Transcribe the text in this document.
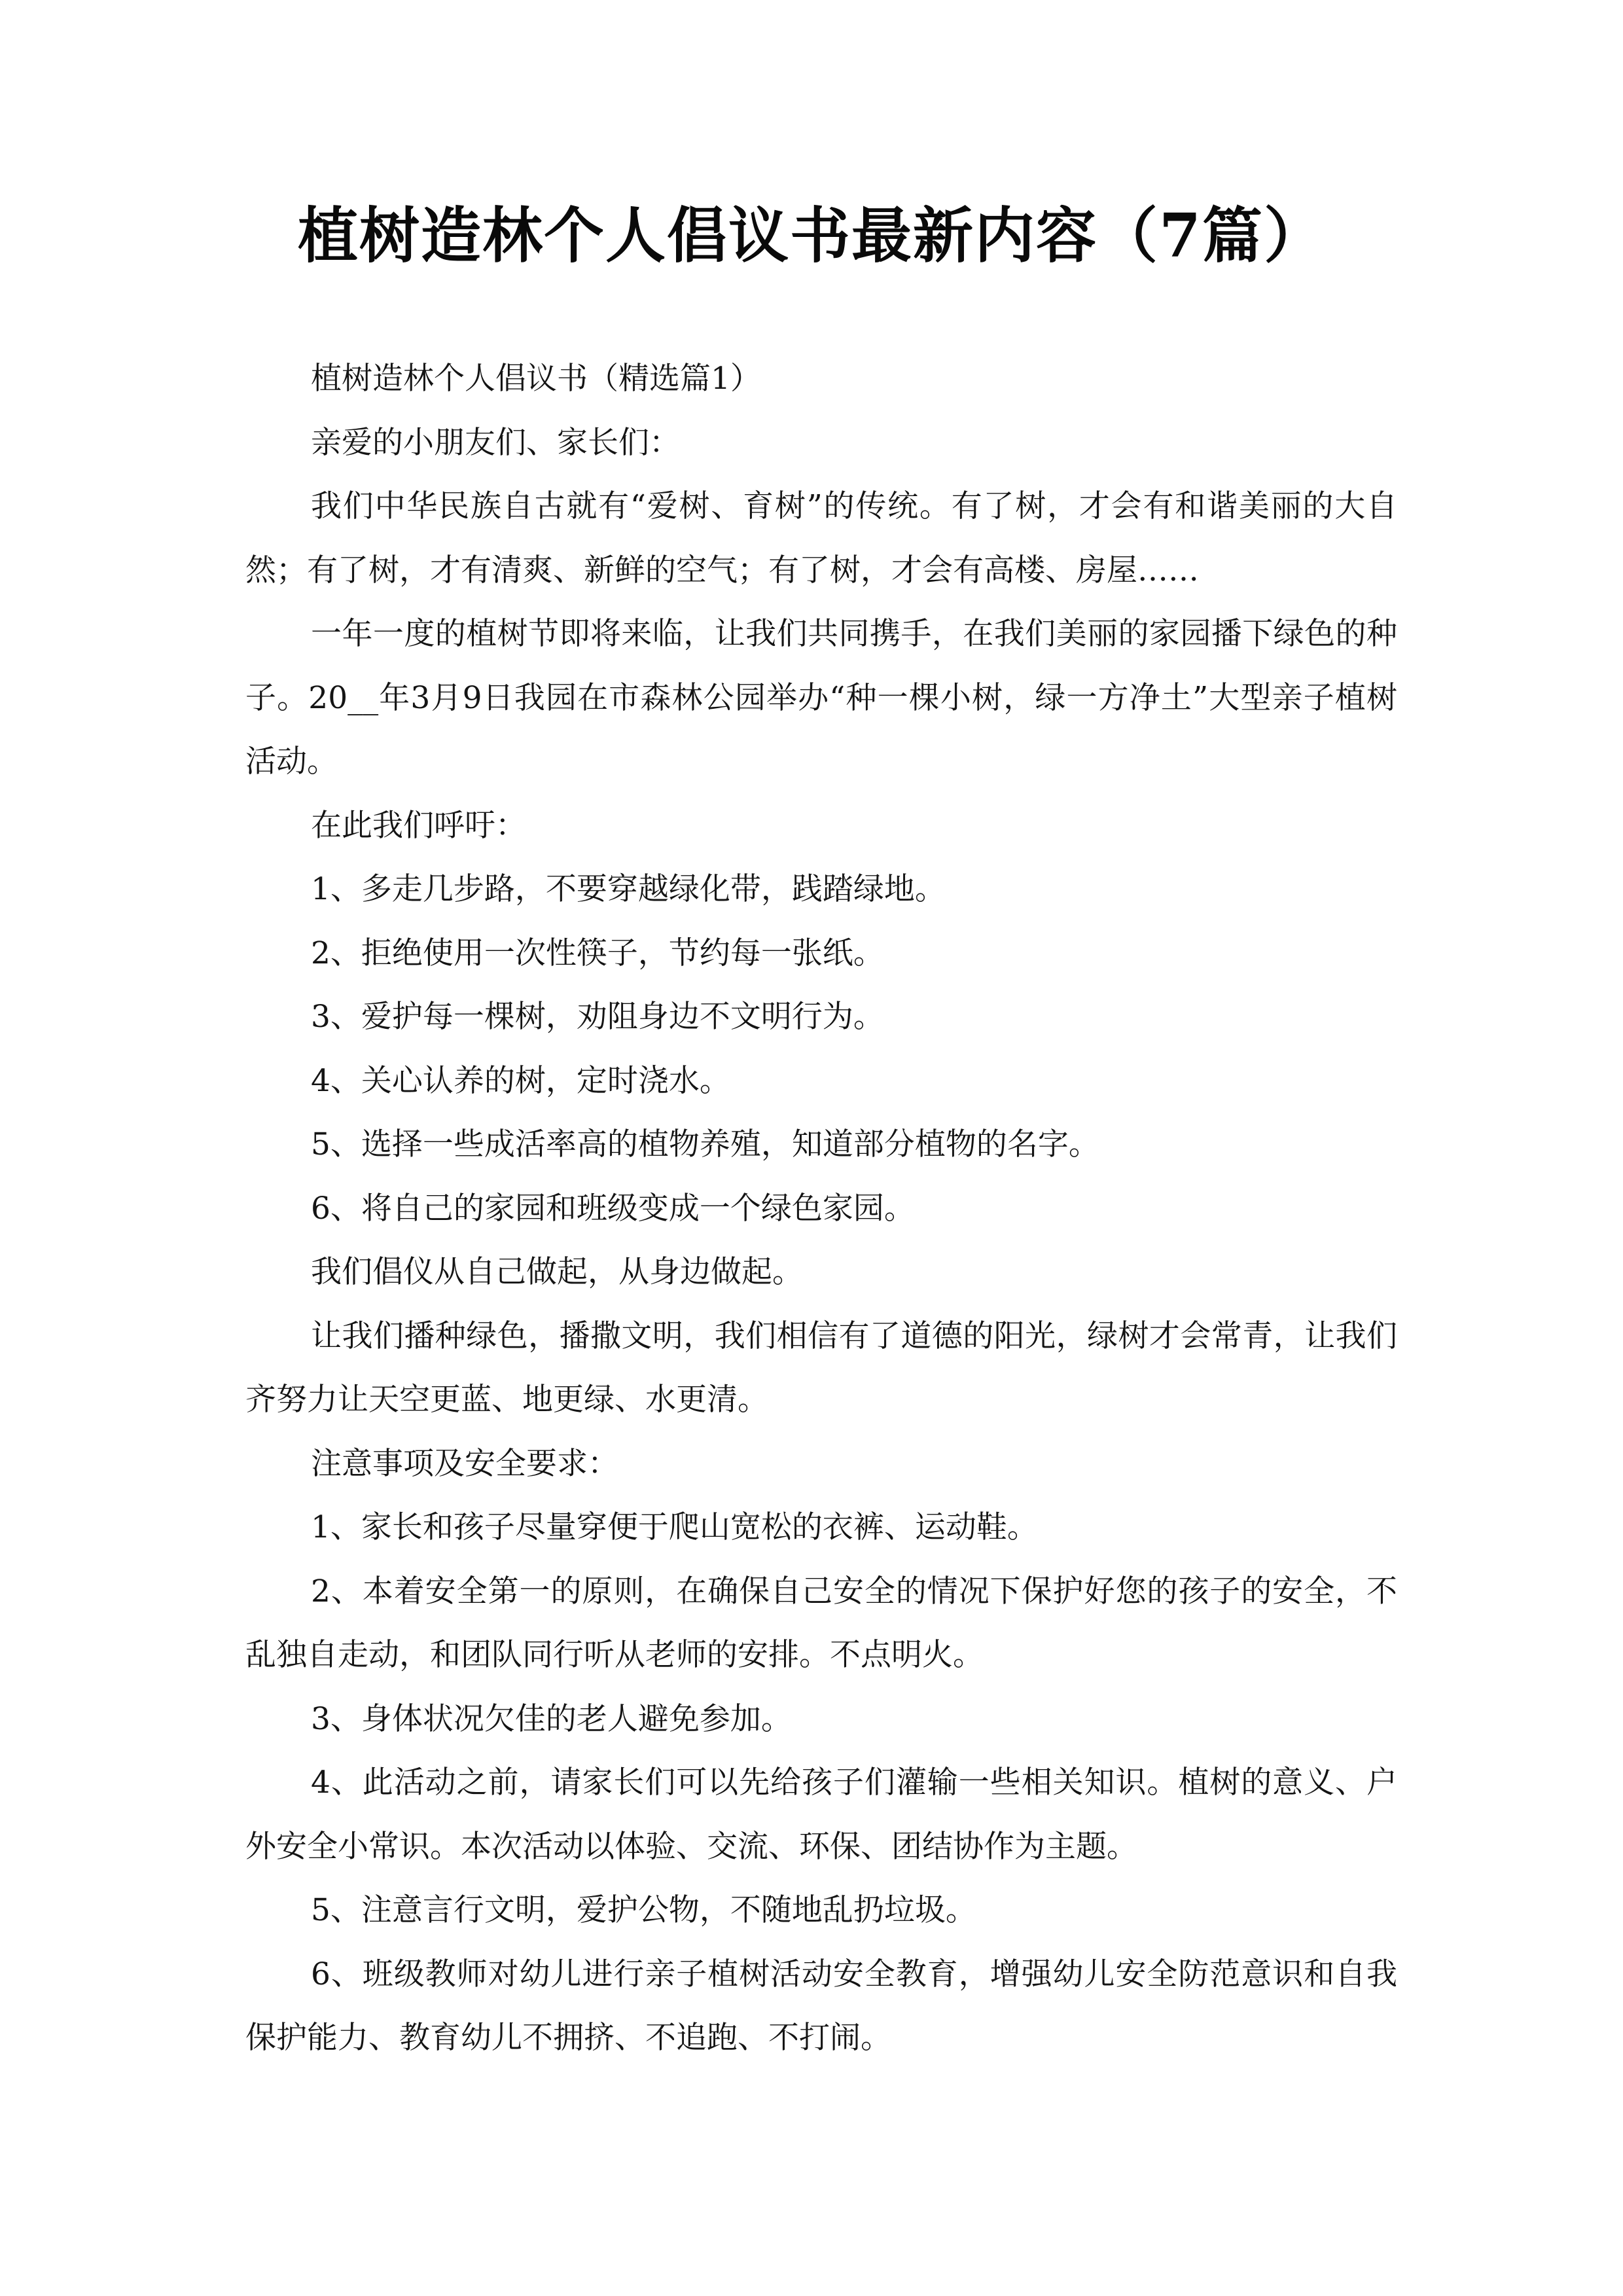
植树造林个人倡议书最新内容（7篇）

植树造林个人倡议书（精选篇1）

亲爱的小朋友们、家长们：

我们中华民族自古就有“爱树、育树”的传统。有了树，才会有和谐美丽的大自然；有了树，才有清爽、新鲜的空气；有了树，才会有高楼、房屋……

一年一度的植树节即将来临，让我们共同携手，在我们美丽的家园播下绿色的种子。20__年3月9日我园在市森林公园举办“种一棵小树，绿一方净土”大型亲子植树活动。

在此我们呼吁：

1、多走几步路，不要穿越绿化带，践踏绿地。

2、拒绝使用一次性筷子，节约每一张纸。

3、爱护每一棵树，劝阻身边不文明行为。

4、关心认养的树，定时浇水。

5、选择一些成活率高的植物养殖，知道部分植物的名字。

6、将自己的家园和班级变成一个绿色家园。

我们倡仪从自己做起，从身边做起。

让我们播种绿色，播撒文明，我们相信有了道德的阳光，绿树才会常青，让我们齐努力让天空更蓝、地更绿、水更清。

注意事项及安全要求：

1、家长和孩子尽量穿便于爬山宽松的衣裤、运动鞋。

2、本着安全第一的原则，在确保自己安全的情况下保护好您的孩子的安全，不乱独自走动，和团队同行听从老师的安排。不点明火。

3、身体状况欠佳的老人避免参加。

4、此活动之前，请家长们可以先给孩子们灌输一些相关知识。植树的意义、户外安全小常识。本次活动以体验、交流、环保、团结协作为主题。

5、注意言行文明，爱护公物，不随地乱扔垃圾。

6、班级教师对幼儿进行亲子植树活动安全教育，增强幼儿安全防范意识和自我保护能力、教育幼儿不拥挤、不追跑、不打闹。
